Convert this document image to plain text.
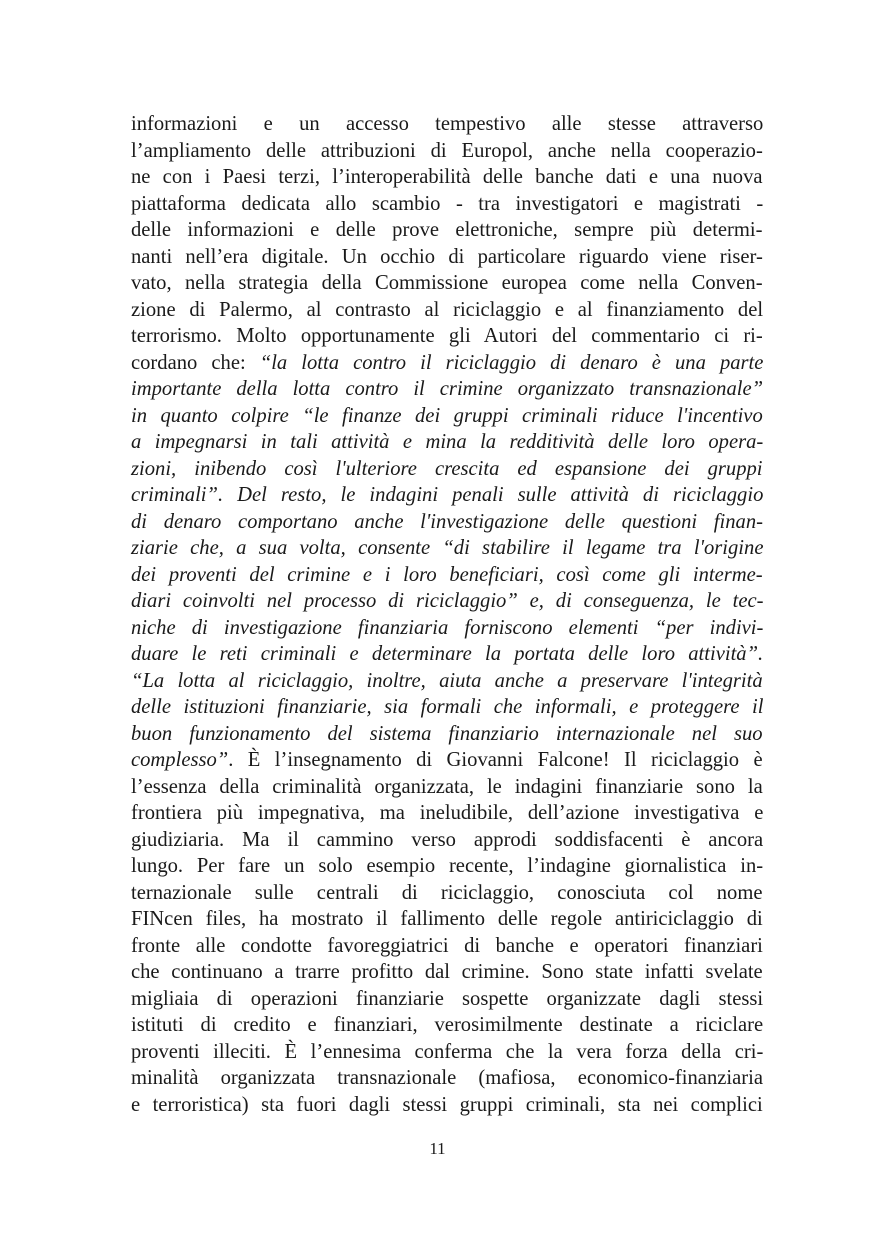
informazioni e un accesso tempestivo alle stesse attraverso
l’ampliamento delle attribuzioni di Europol, anche nella cooperazio-
ne con i Paesi terzi, l’interoperabilità delle banche dati e una nuova
piattaforma dedicata allo scambio - tra investigatori e magistrati -
delle informazioni e delle prove elettroniche, sempre più determi-
nanti nell’era digitale. Un occhio di particolare riguardo viene riser-
vato, nella strategia della Commissione europea come nella Conven-
zione di Palermo, al contrasto al riciclaggio e al finanziamento del
terrorismo. Molto opportunamente gli Autori del commentario ci ri-
cordano che: “la lotta contro il riciclaggio di denaro è una parte
importante della lotta contro il crimine organizzato transnazionale”
in quanto colpire “le finanze dei gruppi criminali riduce l'incentivo
a impegnarsi in tali attività e mina la redditività delle loro opera-
zioni, inibendo così l'ulteriore crescita ed espansione dei gruppi
criminali”. Del resto, le indagini penali sulle attività di riciclaggio
di denaro comportano anche l'investigazione delle questioni finan-
ziarie che, a sua volta, consente “di stabilire il legame tra l'origine
dei proventi del crimine e i loro beneficiari, così come gli interme-
diari coinvolti nel processo di riciclaggio” e, di conseguenza, le tec-
niche di investigazione finanziaria forniscono elementi “per indivi-
duare le reti criminali e determinare la portata delle loro attività”.
“La lotta al riciclaggio, inoltre, aiuta anche a preservare l'integrità
delle istituzioni finanziarie, sia formali che informali, e proteggere il
buon funzionamento del sistema finanziario internazionale nel suo
complesso”. È l’insegnamento di Giovanni Falcone! Il riciclaggio è
l’essenza della criminalità organizzata, le indagini finanziarie sono la
frontiera più impegnativa, ma ineludibile, dell’azione investigativa e
giudiziaria. Ma il cammino verso approdi soddisfacenti è ancora
lungo. Per fare un solo esempio recente, l’indagine giornalistica in-
ternazionale sulle centrali di riciclaggio, conosciuta col nome
FINcen files, ha mostrato il fallimento delle regole antiriciclaggio di
fronte alle condotte favoreggiatrici di banche e operatori finanziari
che continuano a trarre profitto dal crimine. Sono state infatti svelate
migliaia di operazioni finanziarie sospette organizzate dagli stessi
istituti di credito e finanziari, verosimilmente destinate a riciclare
proventi illeciti. È l’ennesima conferma che la vera forza della cri-
minalità organizzata transnazionale (mafiosa, economico-finanziaria
e terroristica) sta fuori dagli stessi gruppi criminali, sta nei complici
11
